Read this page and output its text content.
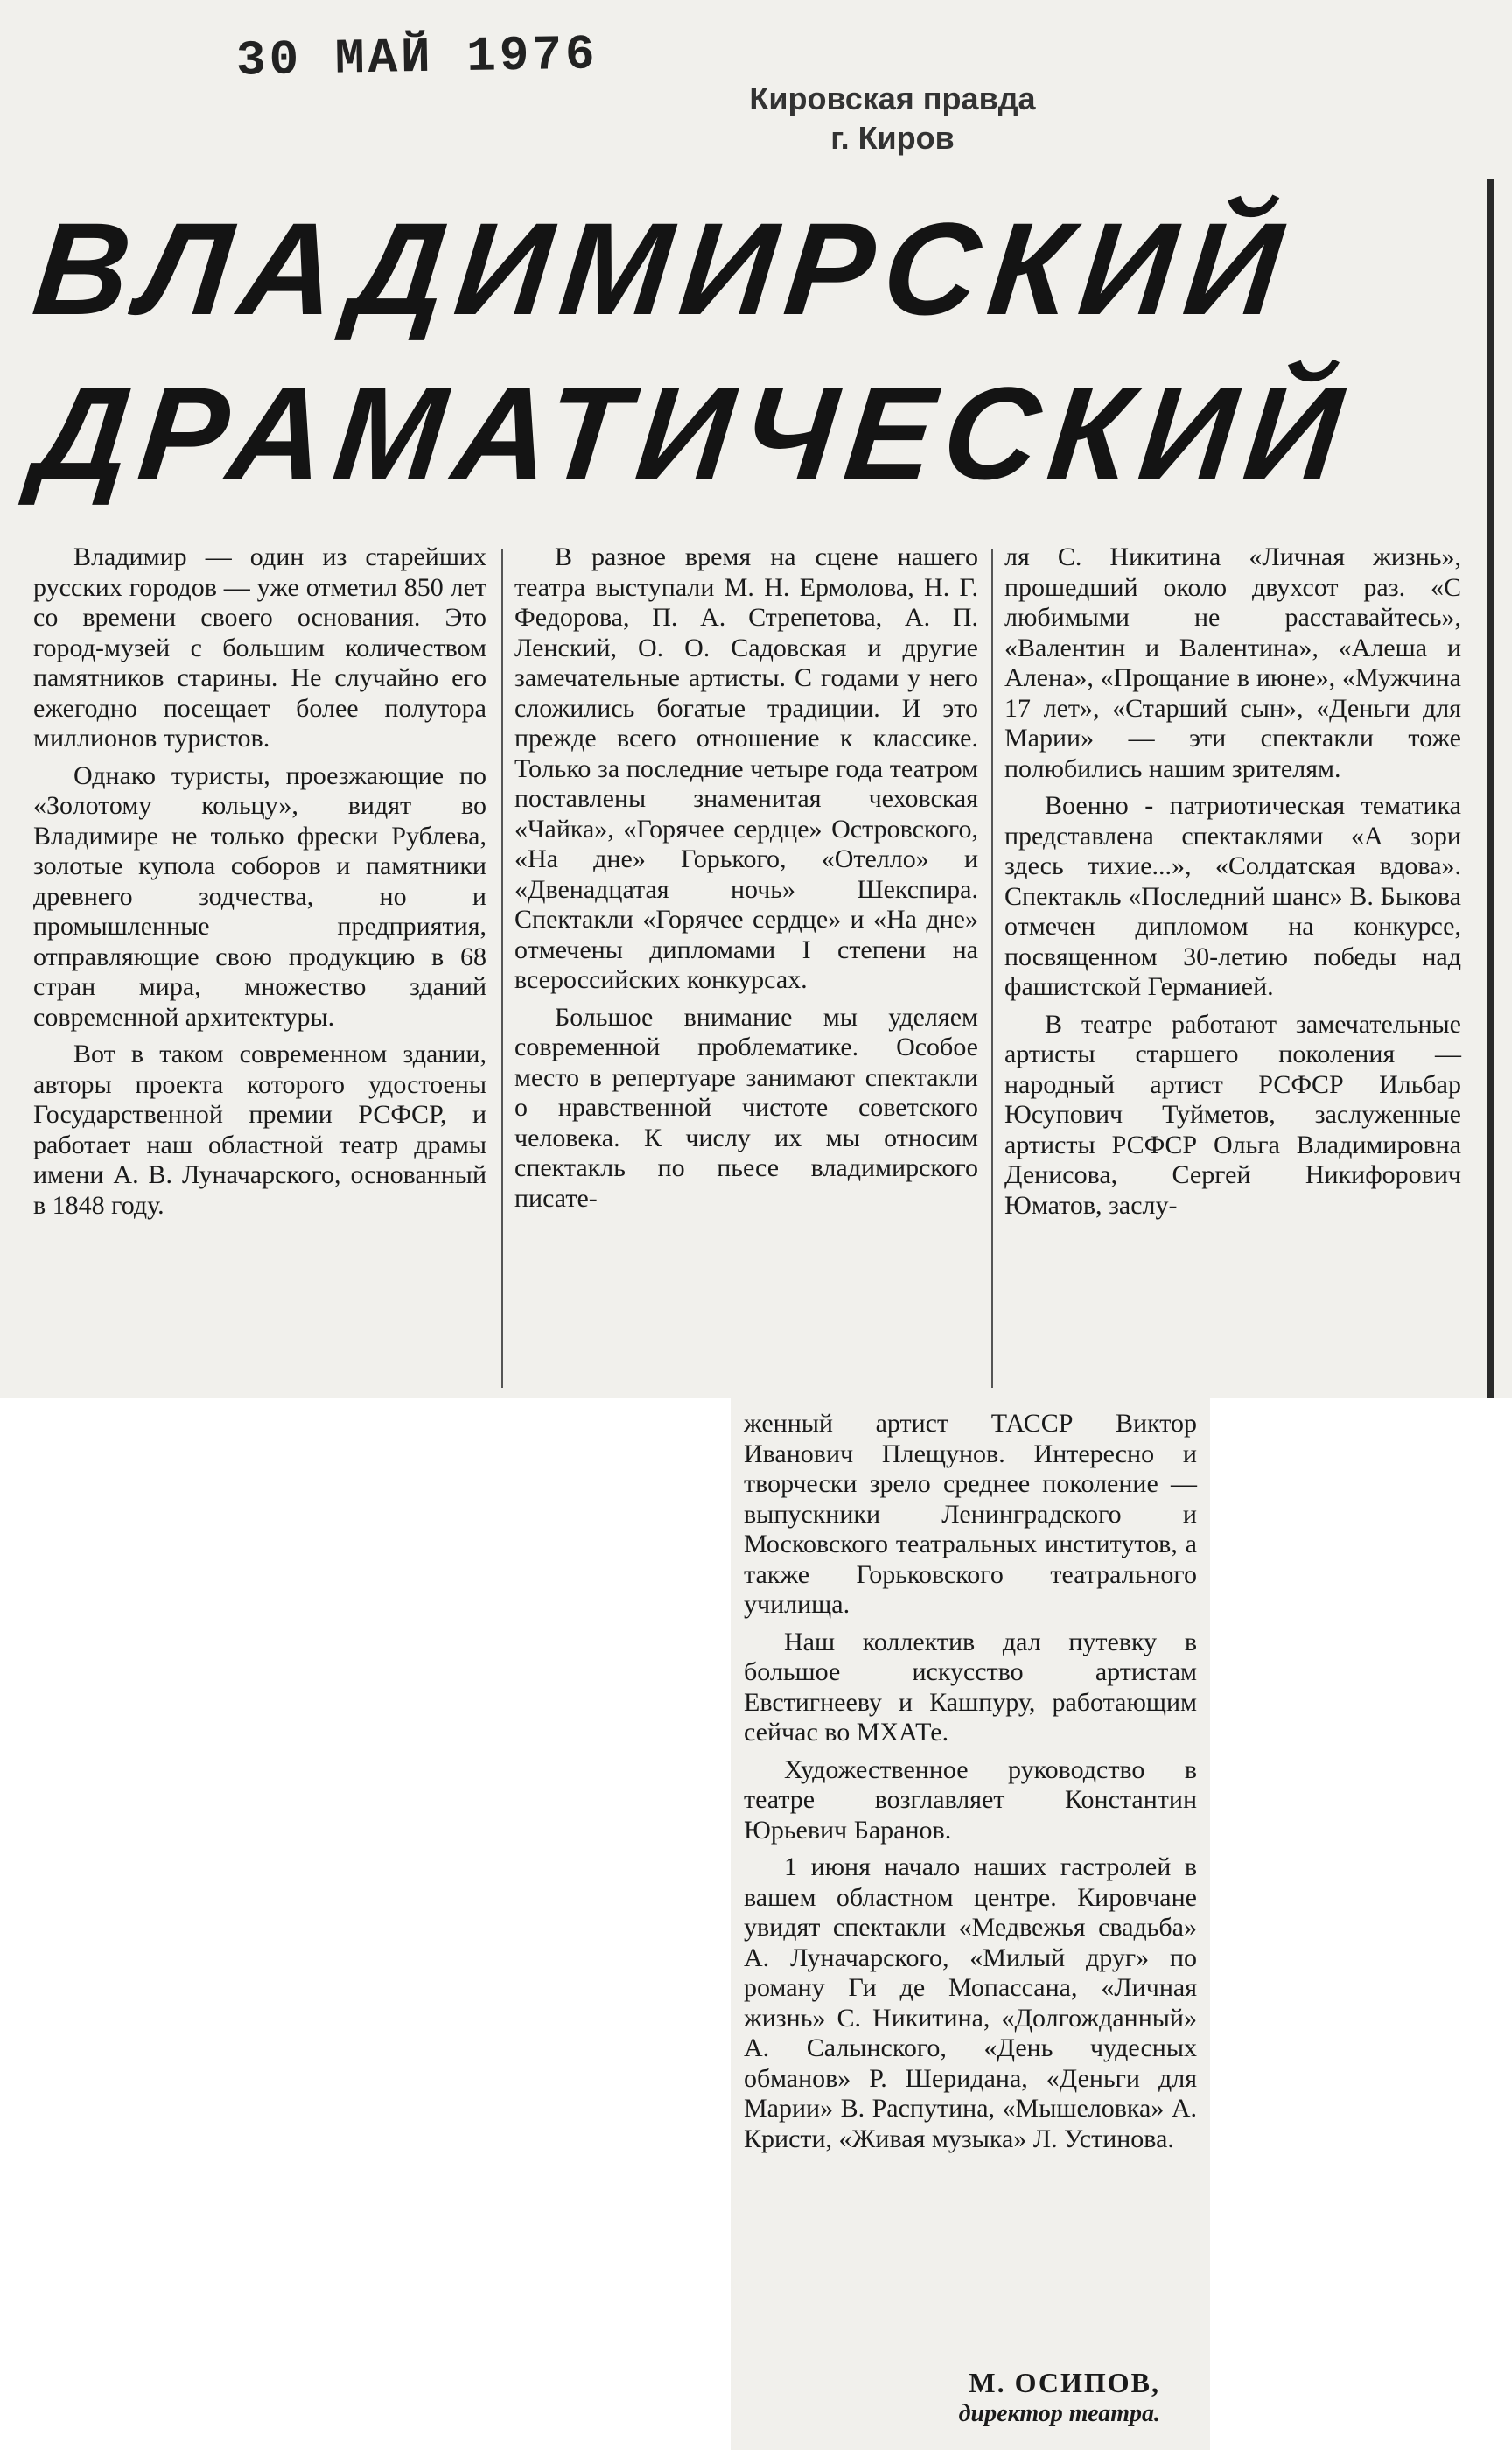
30 МАЙ 1976
Кировская правда
г. Киров
ВЛАДИМИРСКИЙ
ДРАМАТИЧЕСКИЙ

Владимир — один из старейших русских городов — уже отметил 850 лет со времени своего основания. Это город-музей с большим количеством памятников старины. Не случайно его ежегодно посещает более полутора миллионов туристов.

Однако туристы, проезжающие по «Золотому кольцу», видят во Владимире не только фрески Рублева, золотые купола соборов и памятники древнего зодчества, но и промышленные предприятия, отправляющие свою продукцию в 68 стран мира, множество зданий современной архитектуры.

Вот в таком современном здании, авторы проекта которого удостоены Государственной премии РСФСР, и работает наш областной театр драмы имени А. В. Луначарского, основанный в 1848 году.

В разное время на сцене нашего театра выступали М. Н. Ермолова, Н. Г. Федорова, П. А. Стрепетова, А. П. Ленский, О. О. Садовская и другие замечательные артисты. С годами у него сложились богатые традиции. И это прежде всего отношение к классике. Только за последние четыре года театром поставлены знаменитая чеховская «Чайка», «Горячее сердце» Островского, «На дне» Горького, «Отелло» и «Двенадцатая ночь» Шекспира. Спектакли «Горячее сердце» и «На дне» отмечены дипломами I степени на всероссийских конкурсах.

Большое внимание мы уделяем современной проблематике. Особое место в репертуаре занимают спектакли о нравственной чистоте советского человека. К числу их мы относим спектакль по пьесе владимирского писате-

ля С. Никитина «Личная жизнь», прошедший около двухсот раз. «С любимыми не расставайтесь», «Валентин и Валентина», «Алеша и Алена», «Прощание в июне», «Мужчина 17 лет», «Старший сын», «Деньги для Марии» — эти спектакли тоже полюбились нашим зрителям.

Военно - патриотическая тематика представлена спектаклями «А зори здесь тихие...», «Солдатская вдова». Спектакль «Последний шанс» В. Быкова отмечен дипломом на конкурсе, посвященном 30-летию победы над фашистской Германией.

В театре работают замечательные артисты старшего поколения — народный артист РСФСР Ильбар Юсупович Туйметов, заслуженные артисты РСФСР Ольга Владимировна Денисова, Сергей Никифорович Юматов, заслу-

женный артист ТАССР Виктор Иванович Плещунов. Интересно и творчески зрело среднее поколение — выпускники Ленинградского и Московского театральных институтов, а также Горьковского театрального училища.

Наш коллектив дал путевку в большое искусство артистам Евстигнееву и Кашпуру, работающим сейчас во МХАТе.

Художественное руководство в театре возглавляет Константин Юрьевич Баранов.

1 июня начало наших гастролей в вашем областном центре. Кировчане увидят спектакли «Медвежья свадьба» А. Луначарского, «Милый друг» по роману Ги де Мопассана, «Личная жизнь» С. Никитина, «Долгожданный» А. Салынского, «День чудесных обманов» Р. Шеридана, «Деньги для Марии» В. Распутина, «Мышеловка» А. Кристи, «Живая музыка» Л. Устинова.

М. ОСИПОВ,
директор театра.
